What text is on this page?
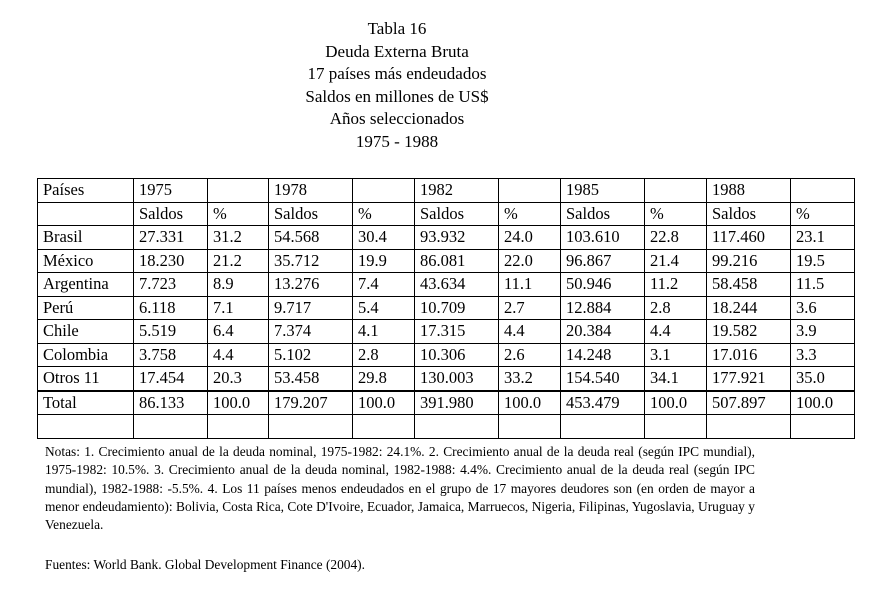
Tabla 16
Deuda Externa Bruta
17 países más endeudados
Saldos en millones de US$
Años seleccionados
1975 - 1988
Países	1975		1978		1982		1985		1988	
	Saldos	%	Saldos	%	Saldos	%	Saldos	%	Saldos	%
Brasil	27.331	31.2	54.568	30.4	93.932	24.0	103.610	22.8	117.460	23.1
México	18.230	21.2	35.712	19.9	86.081	22.0	96.867	21.4	99.216	19.5
Argentina	7.723	8.9	13.276	7.4	43.634	11.1	50.946	11.2	58.458	11.5
Perú	6.118	7.1	9.717	5.4	10.709	2.7	12.884	2.8	18.244	3.6
Chile	5.519	6.4	7.374	4.1	17.315	4.4	20.384	4.4	19.582	3.9
Colombia	3.758	4.4	5.102	2.8	10.306	2.6	14.248	3.1	17.016	3.3
Otros 11	17.454	20.3	53.458	29.8	130.003	33.2	154.540	34.1	177.921	35.0
Total	86.133	100.0	179.207	100.0	391.980	100.0	453.479	100.0	507.897	100.0

Notas: 1. Crecimiento anual de la deuda nominal, 1975-1982: 24.1%. 2. Crecimiento anual de la deuda real (según IPC mundial), 1975-1982: 10.5%. 3. Crecimiento anual de la deuda nominal, 1982-1988: 4.4%. Crecimiento anual de la deuda real (según IPC mundial), 1982-1988: -5.5%. 4. Los 11 países menos endeudados en el grupo de 17 mayores deudores son (en orden de mayor a menor endeudamiento): Bolivia, Costa Rica, Cote D'Ivoire, Ecuador, Jamaica, Marruecos, Nigeria, Filipinas, Yugoslavia, Uruguay y Venezuela.

Fuentes: World Bank. Global Development Finance (2004).
